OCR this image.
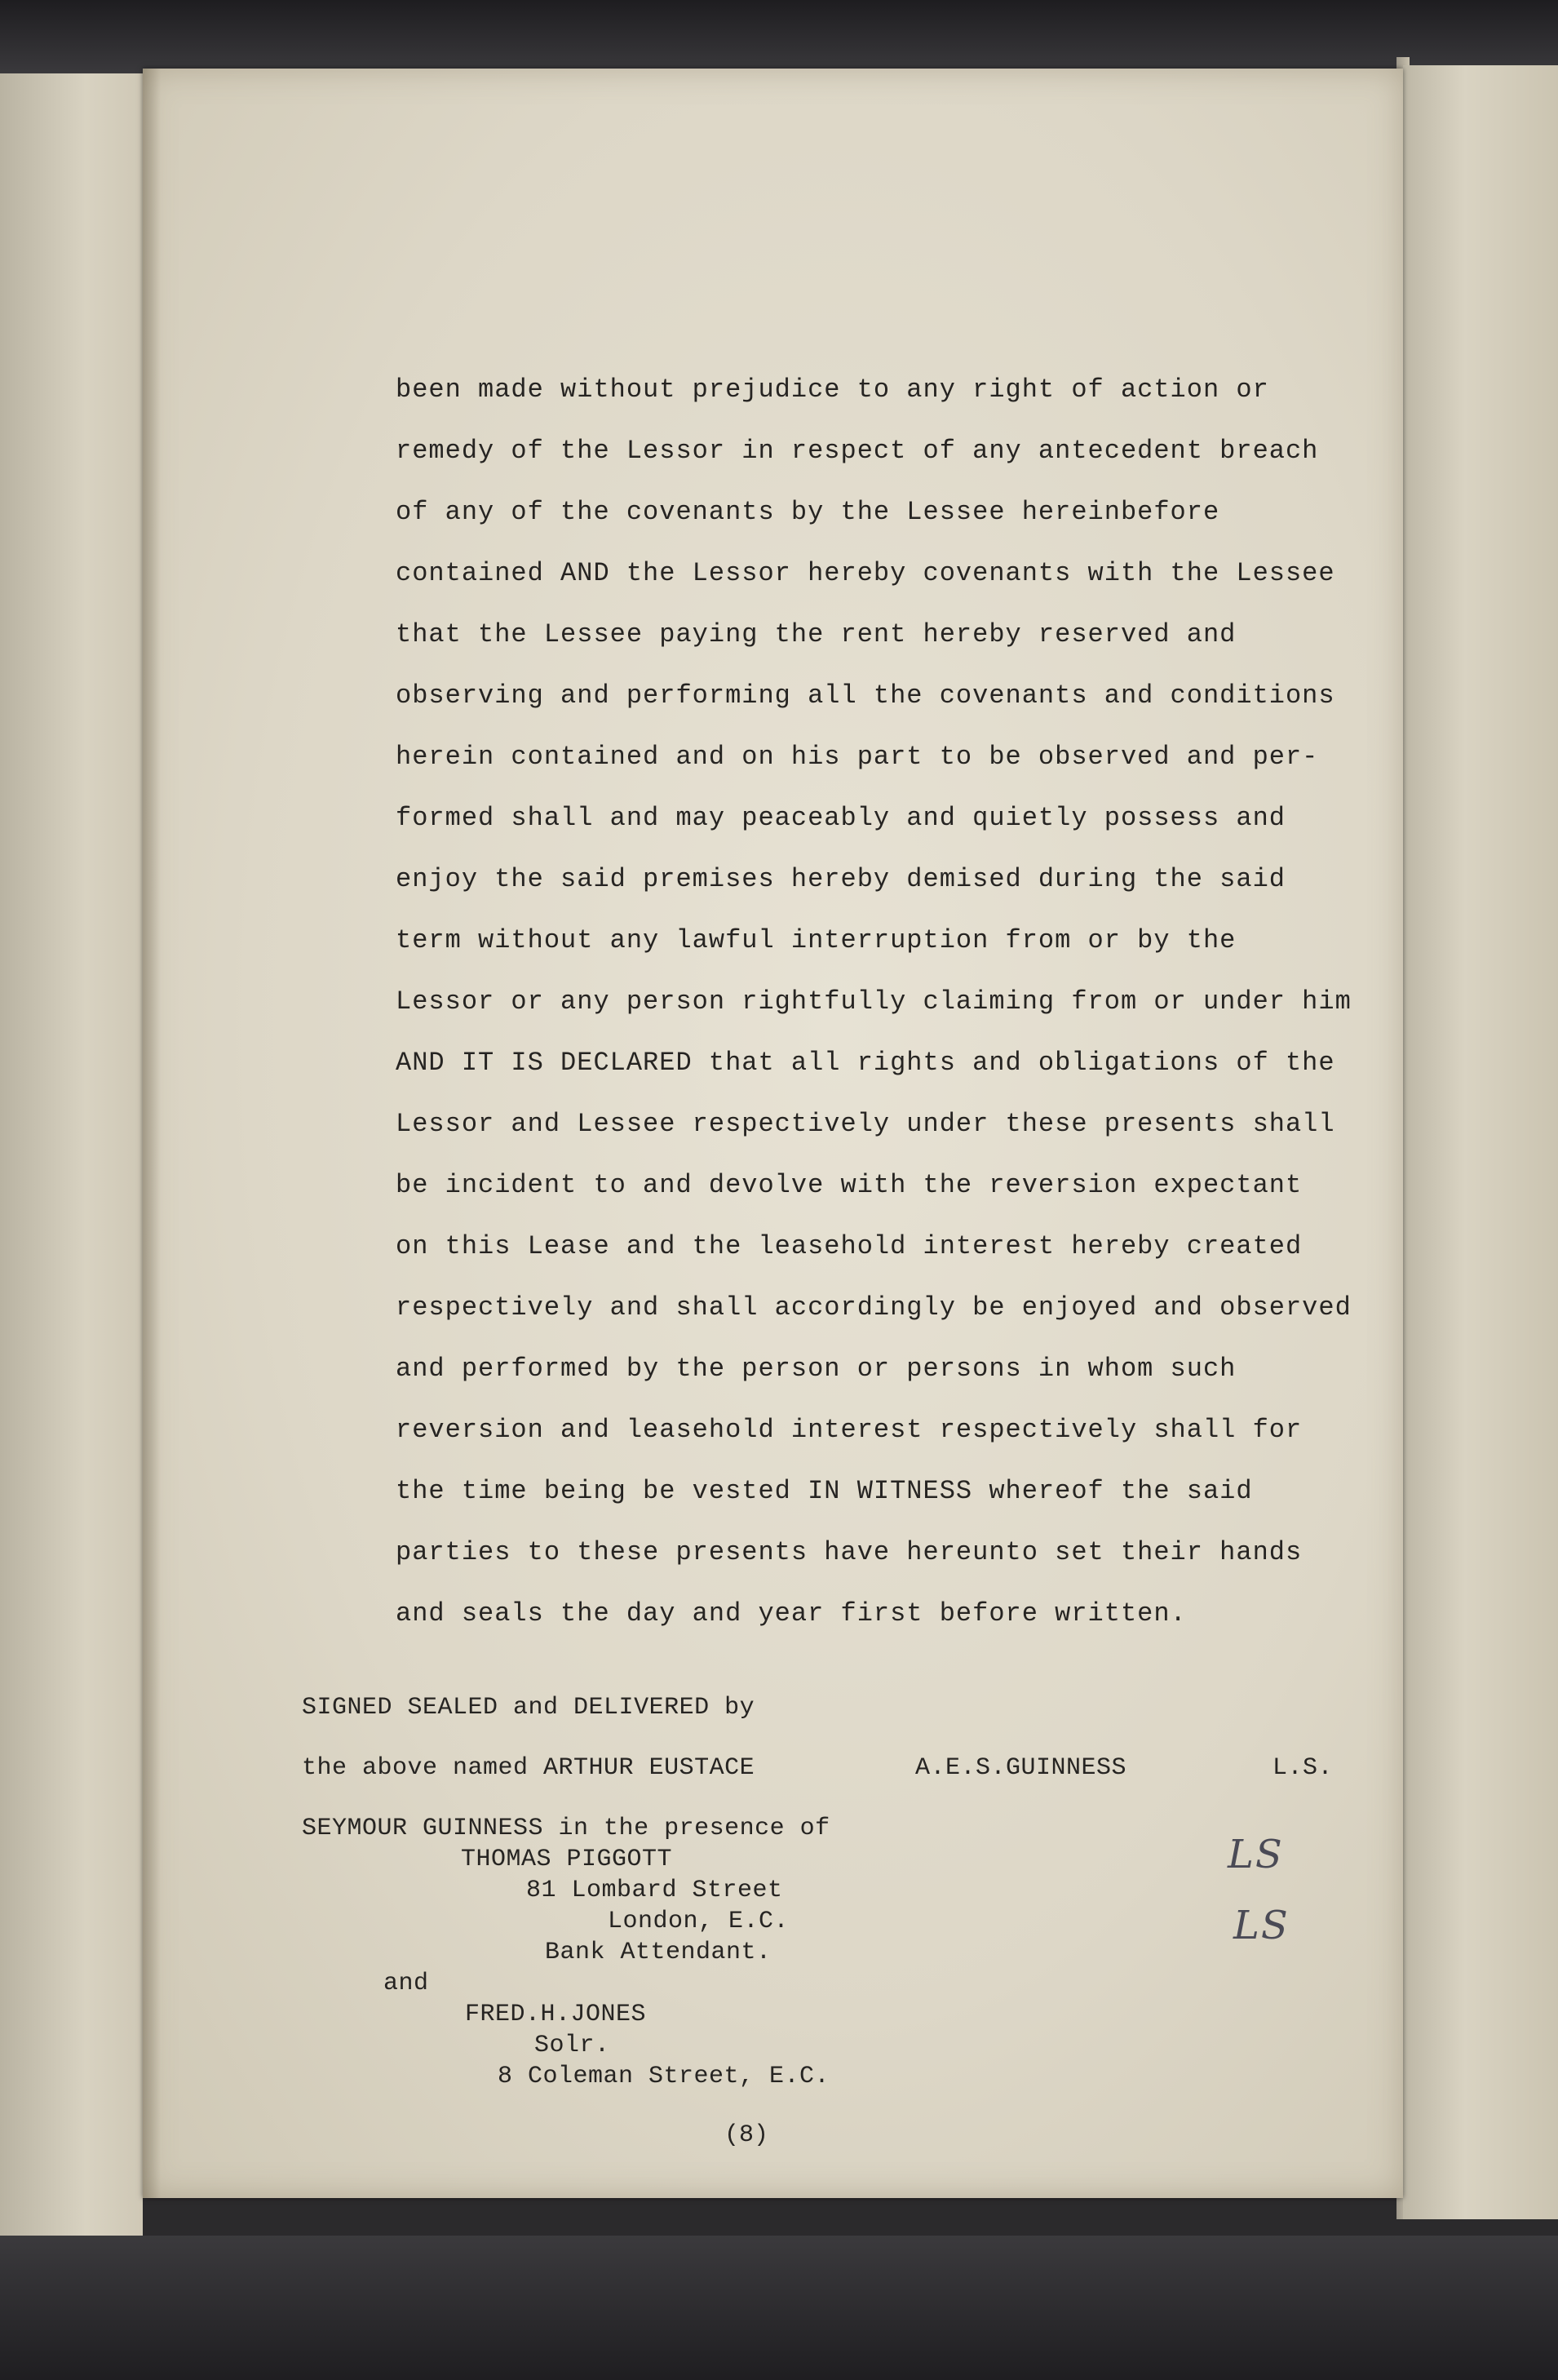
been made without prejudice to any right of action or
remedy of the Lessor in respect of any antecedent breach
of any of the covenants by the Lessee hereinbefore
contained AND the Lessor hereby covenants with the Lessee
that the Lessee paying the rent hereby reserved and
observing and performing all the covenants and conditions
herein contained and on his part to be observed and per-
formed shall and may peaceably and quietly possess and
enjoy the said premises hereby demised during the said
term without any lawful interruption from or by the
Lessor or any person rightfully claiming from or under him
AND IT IS DECLARED that all rights and obligations of the
Lessor and Lessee respectively under these presents shall
be incident to and devolve with the reversion expectant
on this Lease and the leasehold interest hereby created
respectively and shall accordingly be enjoyed and observed
and performed by the person or persons in whom such
reversion and leasehold interest respectively shall for
the time being be vested IN WITNESS whereof the said
parties to these presents have hereunto set their hands
and seals the day and year first before written.
SIGNED SEALED and DELIVERED by
the above named ARTHUR EUSTACE	A.E.S.GUINNESS	L.S.
SEYMOUR GUINNESS in the presence of
THOMAS PIGGOTT
81 Lombard Street
London, E.C.
Bank Attendant.
and
FRED.H.JONES
Solr.
8 Coleman Street, E.C.
LS
LS
(8)
